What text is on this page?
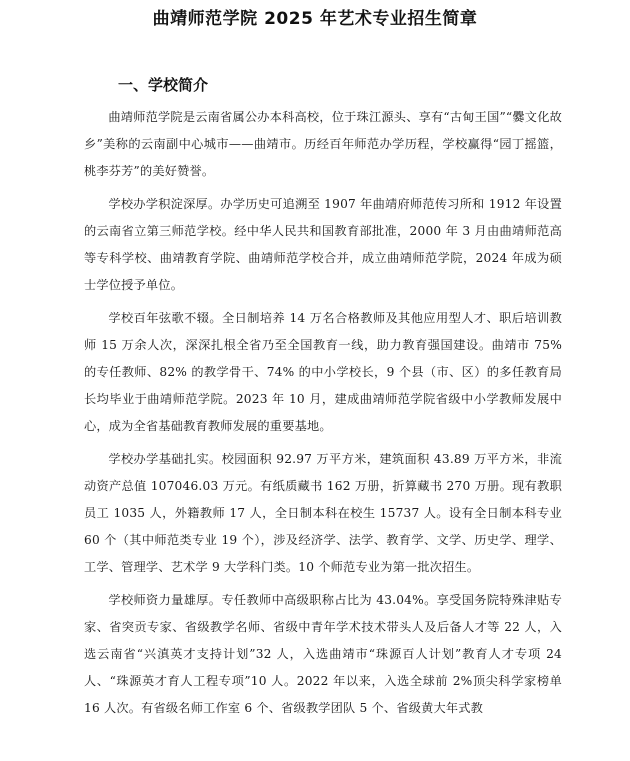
曲靖师范学院 2025 年艺术专业招生简章
一、学校简介

曲靖师范学院是云南省属公办本科高校，位于珠江源头、享有“古甸王国”“爨文化故乡”美称的云南副中心城市——曲靖市。历经百年师范办学历程，学校赢得“园丁摇篮，桃李芬芳”的美好赞誉。

学校办学积淀深厚。办学历史可追溯至 1907 年曲靖府师范传习所和 1912 年设置的云南省立第三师范学校。经中华人民共和国教育部批准，2000 年 3 月由曲靖师范高等专科学校、曲靖教育学院、曲靖师范学校合并，成立曲靖师范学院，2024 年成为硕士学位授予单位。

学校百年弦歌不辍。全日制培养 14 万名合格教师及其他应用型人才、职后培训教师 15 万余人次，深深扎根全省乃至全国教育一线，助力教育强国建设。曲靖市 75% 的专任教师、82% 的教学骨干、74% 的中小学校长，9 个县（市、区）的多任教育局长均毕业于曲靖师范学院。2023 年 10 月，建成曲靖师范学院省级中小学教师发展中心，成为全省基础教育教师发展的重要基地。

学校办学基础扎实。校园面积 92.97 万平方米，建筑面积 43.89 万平方米，非流动资产总值 107046.03 万元。有纸质藏书 162 万册，折算藏书 270 万册。现有教职员工 1035 人，外籍教师 17 人，全日制本科在校生 15737 人。设有全日制本科专业 60 个（其中师范类专业 19 个），涉及经济学、法学、教育学、文学、历史学、理学、工学、管理学、艺术学 9 大学科门类。10 个师范专业为第一批次招生。

学校师资力量雄厚。专任教师中高级职称占比为 43.04%。享受国务院特殊津贴专家、省突贡专家、省级教学名师、省级中青年学术技术带头人及后备人才等 22 人，入选云南省“兴滇英才支持计划”32 人，入选曲靖市“珠源百人计划”教育人才专项 24 人、“珠源英才育人工程专项”10 人。2022 年以来，入选全球前 2%顶尖科学家榜单 16 人次。有省级名师工作室 6 个、省级教学团队 5 个、省级黄大年式教
